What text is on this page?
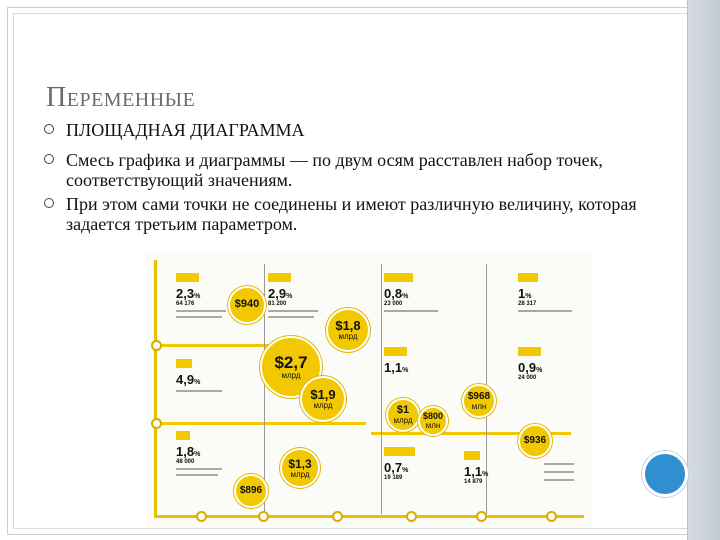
ПЕРЕМЕННЫЕ
ПЛОЩАДНАЯ ДИАГРАММА
Смесь графика и диаграммы — по двум осям расставлен набор точек, соответствующий значениям.
При этом сами точки не соединены и имеют различную величину, которая задается третьим параметром.

2,3%
64 176

2,9%
81 200

0,8%
23 000

1%
28 317

4,9%

1,1%
	0,9%
24 000

1,8%
48 000
	0,7%
19 189
	1,1%
14 879
$940
$1,8
млрд
$2,7
млрд
$1,9
млрд	$1
млрд $800
млн
$968
млн
$1,3
млрд
$896
$936
